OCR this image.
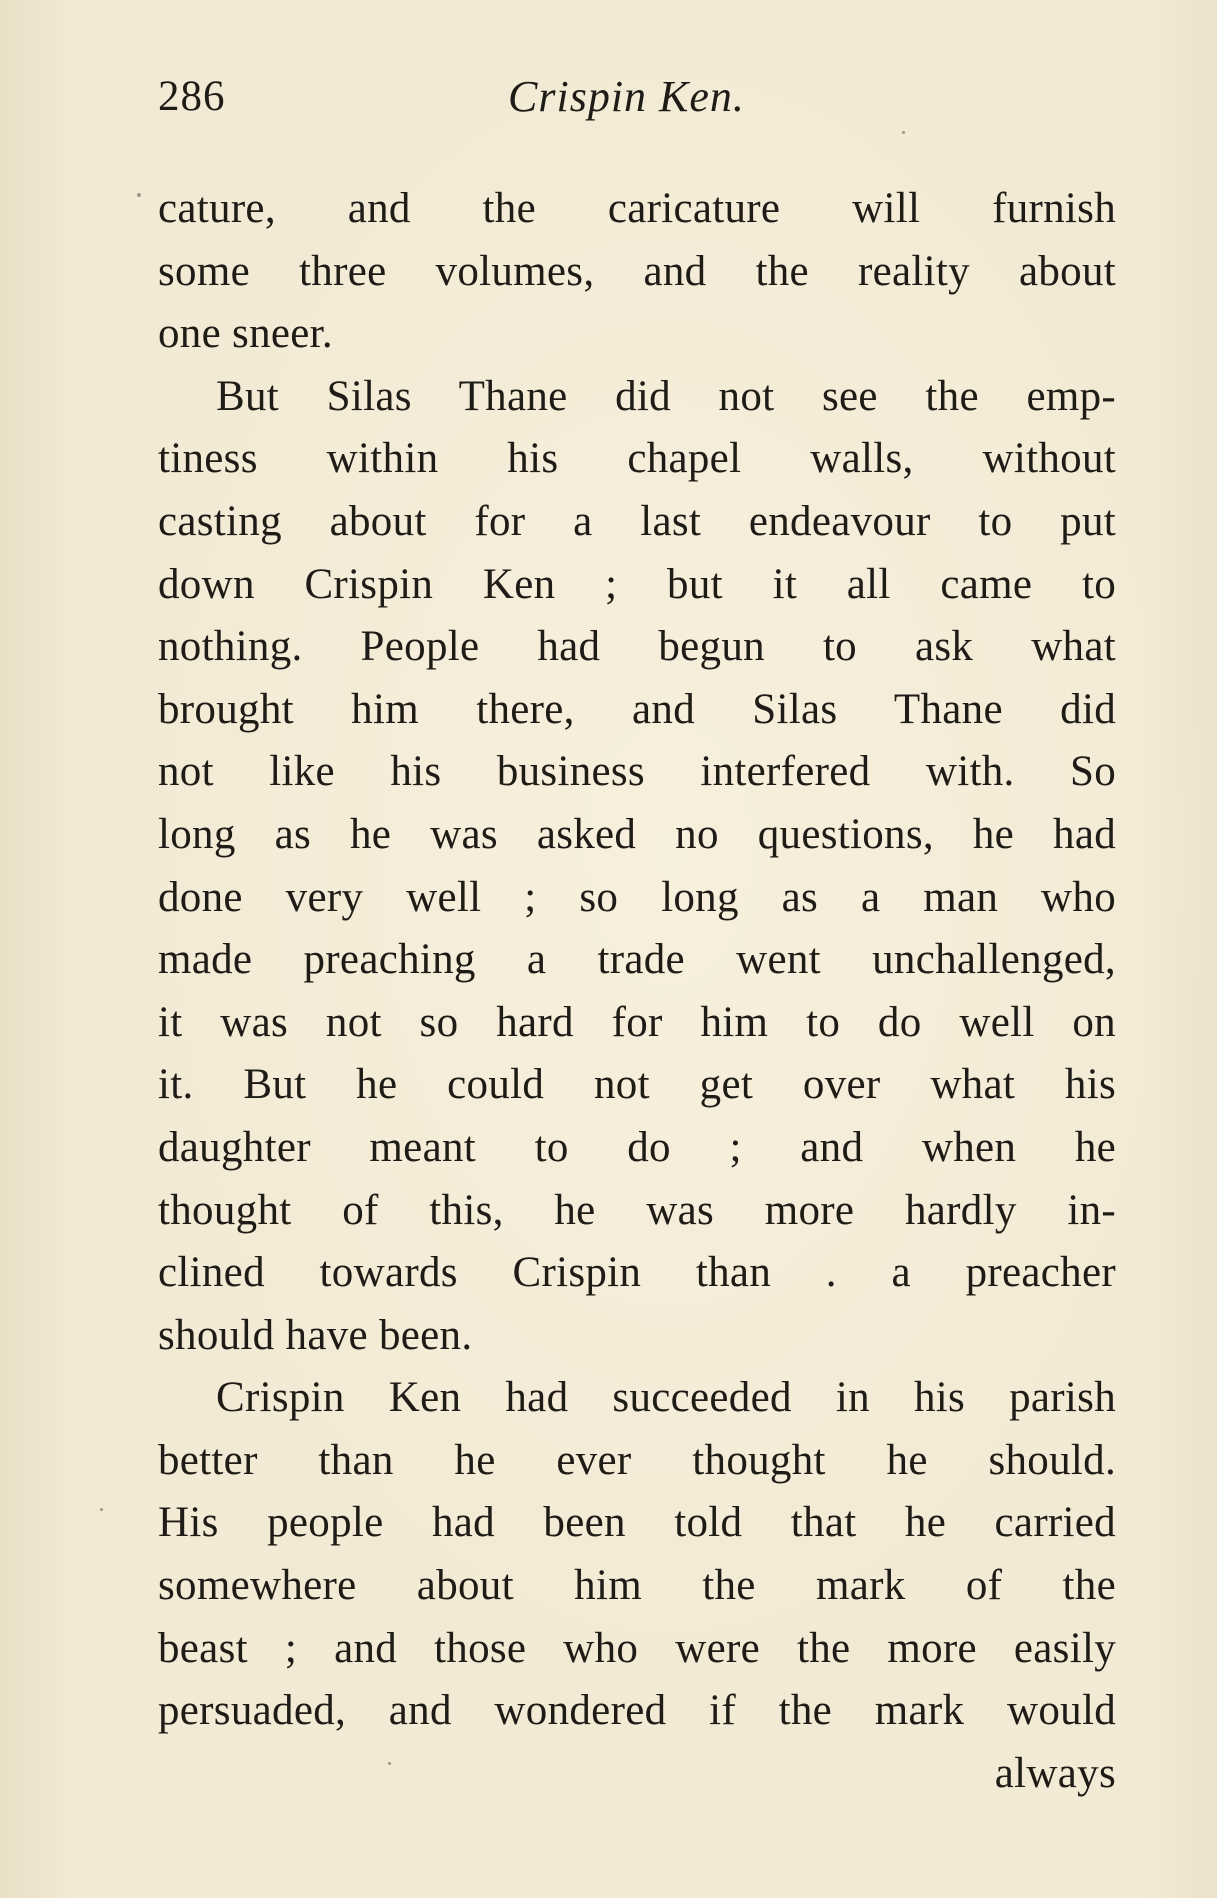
286	Crispin Ken.
cature, and the caricature will furnish
some three volumes, and the reality about
one sneer.
But Silas Thane did not see the emp-
tiness within his chapel walls, without
casting about for a last endeavour to put
down Crispin Ken ; but it all came to
nothing. People had begun to ask what
brought him there, and Silas Thane did
not like his business interfered with. So
long as he was asked no questions, he had
done very well ; so long as a man who
made preaching a trade went unchallenged,
it was not so hard for him to do well on
it. But he could not get over what his
daughter meant to do ; and when he
thought of this, he was more hardly in-
clined towards Crispin than . a preacher
should have been.
Crispin Ken had succeeded in his parish
better than he ever thought he should.
His people had been told that he carried
somewhere about him the mark of the
beast ; and those who were the more easily
persuaded, and wondered if the mark would
always
